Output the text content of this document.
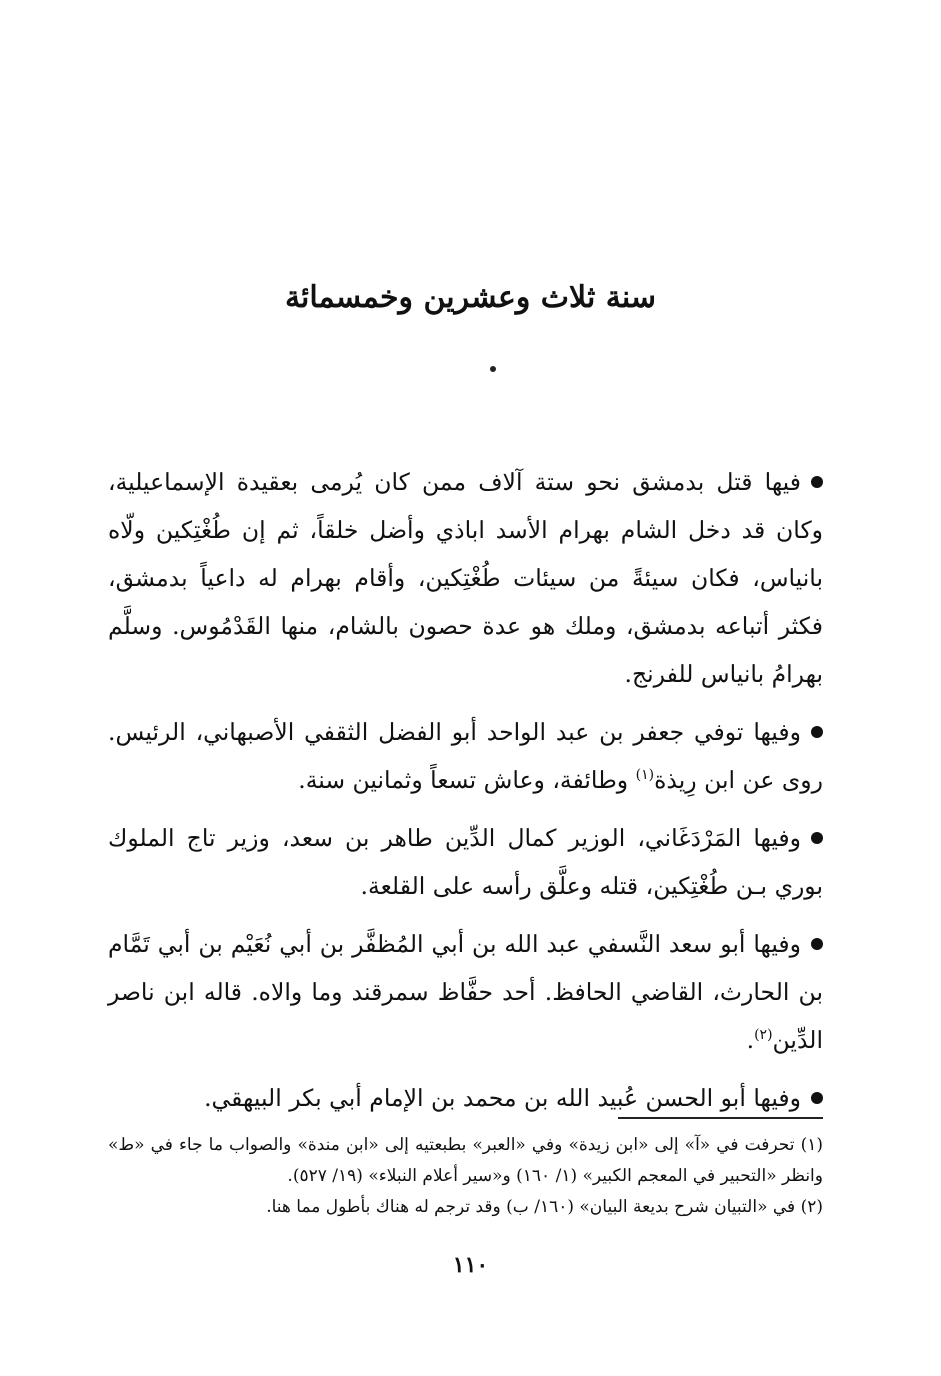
سنة ثلاث وعشرين وخمسمائة

فيها قتل بدمشق نحو ستة آلاف ممن كان يُرمى بعقيدة الإسماعيلية، وكان قد دخل الشام بهرام الأسد اباذي وأضل خلقاً، ثم إن طُغْتِكين ولّاه بانياس، فكان سيئةً من سيئات طُغْتِكين، وأقام بهرام له داعياً بدمشق، فكثر أتباعه بدمشق، وملك هو عدة حصون بالشام، منها القَدْمُوس. وسلَّم بهرامُ بانياس للفرنج.

وفيها توفي جعفر بن عبد الواحد أبو الفضل الثقفي الأصبهاني، الرئيس. روى عن ابن رِيذة$^{(١)}$ وطائفة، وعاش تسعاً وثمانين سنة.

وفيها المَرْدَغَاني، الوزير كمال الدِّين طاهر بن سعد، وزير تاج الملوك بوري بـن طُغْتِكين، قتله وعلَّق رأسه على القلعة.

وفيها أبو سعد النَّسفي عبد الله بن أبي المُظفَّر بن أبي نُعَيْم بن أبي تَمَّام بن الحارث، القاضي الحافظ. أحد حفَّاظ سمرقند وما والاه. قاله ابن ناصر الدِّين$^{(٢)}$.

وفيها أبو الحسن عُبيد الله بن محمد بن الإمام أبي بكر البيهقي.

(١) تحرفت في «آ» إلى «ابن زيدة» وفي «العبر» بطبعتيه إلى «ابن مندة» والصواب ما جاء في «ط» وانظر «التحبير في المعجم الكبير» (١/ ١٦٠) و«سير أعلام النبلاء» (١٩/ ٥٢٧).

(٢) في «التبيان شرح بديعة البيان» (١٦٠/ ب) وقد ترجم له هناك بأطول مما هنا.

١١٠
